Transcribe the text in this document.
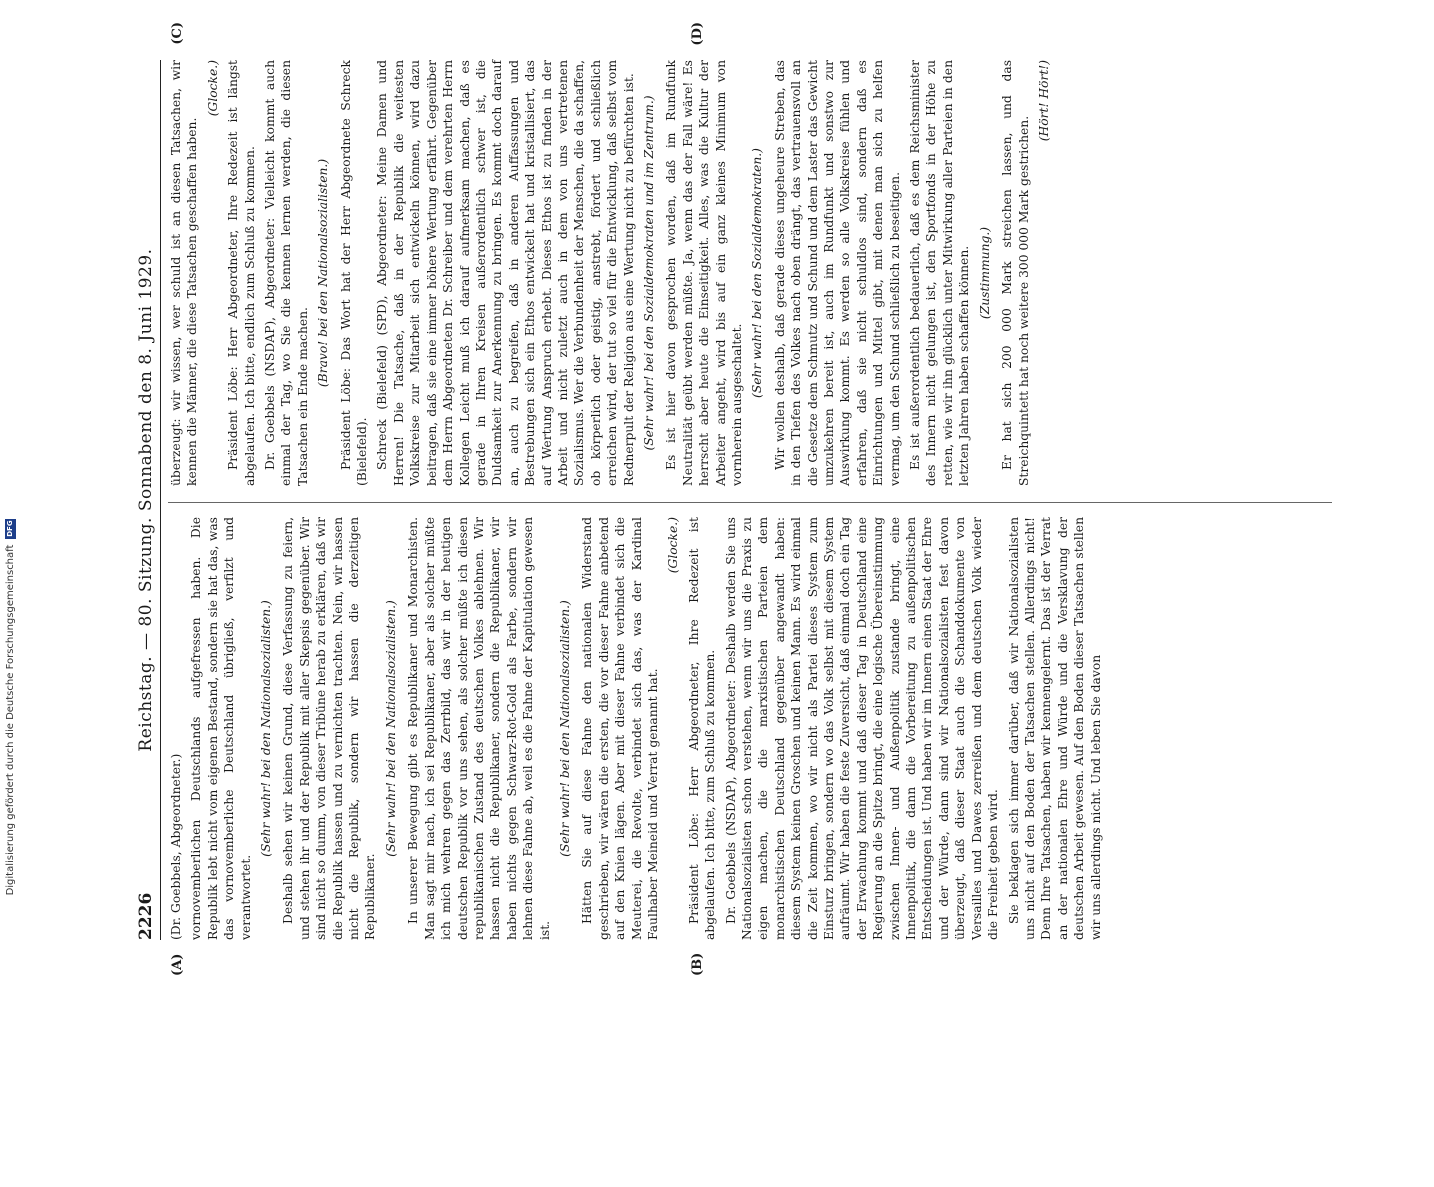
2226
Reichstag. — 80. Sitzung. Sonnabend den 8. Juni 1929.
(A)	(B)
(C)	(D)

(Dr. Goebbels, Abgeordneter.) vornovemberlichen Deutschlands aufgefressen haben. Die Republik lebt nicht vom eigenen Bestand, sondern sie hat das, was das vornovemberliche Deutschland übrigließ, verfilzt und verantwortet.

(Sehr wahr! bei den Nationalsozialisten.) Deshalb sehen wir keinen Grund, diese Verfassung zu feiern, und stehen ihr und der Republik mit aller Skepsis gegenüber. Wir sind nicht so dumm, von dieser Tribüne herab zu erklären, daß wir die Republik hassen und zu vernichten trachten. Nein, wir hassen nicht die Republik, sondern wir hassen die derzeitigen Republikaner.

(Sehr wahr! bei den Nationalsozialisten.) In unserer Bewegung gibt es Republikaner und Monarchisten. Man sagt mir nach, ich sei Republikaner, aber als solcher müßte ich mich wehren gegen das Zerrbild, das wir in der heutigen deutschen Republik vor uns sehen, als solcher müßte ich diesen republikanischen Zustand des deutschen Volkes ablehnen. Wir hassen nicht die Republikaner, sondern die Republikaner, wir haben nichts gegen Schwarz-Rot-Gold als Farbe, sondern wir lehnen diese Fahne ab, weil es die Fahne der Kapitulation gewesen ist.

(Sehr wahr! bei den Nationalsozialisten.) Hätten Sie auf diese Fahne den nationalen Widerstand geschrieben, wir wären die ersten, die vor dieser Fahne anbetend auf den Knien lägen. Aber mit dieser Fahne verbindet sich die Meuterei, die Revolte, verbindet sich das, was der Kardinal Faulhaber Meineid und Verrat genannt hat.

(Glocke.) Präsident Löbe: Herr Abgeordneter, Ihre Redezeit ist abgelaufen. Ich bitte, zum Schluß zu kommen. Dr. Goebbels (NSDAP), Abgeordneter: Deshalb werden Sie uns Nationalsozialisten schon verstehen, wenn wir uns die Praxis zu eigen machen, die die marxistischen Parteien dem monarchistischen Deutschland gegenüber angewandt haben: diesem System keinen Groschen und keinen Mann. Es wird einmal die Zeit kommen, wo wir nicht als Partei dieses System zum Einsturz bringen, sondern wo das Volk selbst mit diesem System aufräumt. Wir haben die feste Zuversicht, daß einmal doch ein Tag der Erwachung kommt und daß dieser Tag in Deutschland eine Regierung an die Spitze bringt, die eine logische Übereinstimmung zwischen Innen- und Außenpolitik zustande bringt, eine Innenpolitik, die dann die Vorbereitung zu außenpolitischen Entscheidungen ist. Und haben wir im Innern einen Staat der Ehre und der Würde, dann sind wir Nationalsozialisten fest davon überzeugt, daß dieser Staat auch die Schanddokumente von Versailles und Dawes zerreißen und dem deutschen Volk wieder die Freiheit geben wird. Sie beklagen sich immer darüber, daß wir Nationalsozialisten uns nicht auf den Boden der Tatsachen stellen. Allerdings nicht! Denn Ihre Tatsachen, haben wir kennengelernt. Das ist der Verrat an der nationalen Ehre und Würde und die Versklavung der deutschen Arbeit gewesen. Auf den Boden dieser Tatsachen stellen wir uns allerdings nicht. Und leben Sie davon

überzeugt: wir wissen, wer schuld ist an diesen Tatsachen, wir kennen die Männer, die diese Tatsachen geschaffen haben.

(Glocke.) Präsident Löbe: Herr Abgeordneter, Ihre Redezeit ist längst abgelaufen. Ich bitte, endlich zum Schluß zu kommen. Dr. Goebbels (NSDAP), Abgeordneter: Vielleicht kommt auch einmal der Tag, wo Sie die kennen lernen werden, die diesen Tatsachen ein Ende machen.

(Bravo! bei den Nationalsozialisten.) Präsident Löbe: Das Wort hat der Herr Abgeordnete Schreck (Bielefeld). Schreck (Bielefeld) (SPD), Abgeordneter: Meine Damen und Herren! Die Tatsache, daß in der Republik die weitesten Volkskreise zur Mitarbeit sich entwickeln können, wird dazu beitragen, daß sie eine immer höhere Wertung erfährt. Gegenüber dem Herrn Abgeordneten Dr. Schreiber und dem verehrten Herrn Kollegen Leicht muß ich darauf aufmerksam machen, daß es gerade in Ihren Kreisen außerordentlich schwer ist, die Duldsamkeit zur Anerkennung zu bringen. Es kommt doch darauf an, auch zu begreifen, daß in anderen Auffassungen und Bestrebungen sich ein Ethos entwickelt hat und kristallisiert, das auf Wertung Anspruch erhebt. Dieses Ethos ist zu finden in der Arbeit und nicht zuletzt auch in dem von uns vertretenen Sozialismus. Wer die Verbundenheit der Menschen, die da schaffen, ob körperlich oder geistig, anstrebt, fördert und schließlich erreichen wird, der tut so viel für die Entwicklung, daß selbst vom Rednerpult der Religion aus eine Wertung nicht zu befürchten ist. (Sehr wahr! bei den Sozialdemokraten und im Zentrum.) Es ist hier davon gesprochen worden, daß im Rundfunk Neutralität geübt werden müßte. Ja, wenn das der Fall wäre! Es herrscht aber heute die Einseitigkeit. Alles, was die Kultur der Arbeiter angeht, wird bis auf ein ganz kleines Minimum von vornherein ausgeschaltet.

(Sehr wahr! bei den Sozialdemokraten.) Wir wollen deshalb, daß gerade dieses ungeheure Streben, das in den Tiefen des Volkes nach oben drängt, das vertrauensvoll an die Gesetze dem Schmutz und Schund und dem Laster das Gewicht umzukehren bereit ist, auch im Rundfunkt und sonstwo zur Auswirkung kommt. Es werden so alle Volkskreise fühlen und erfahren, daß sie nicht schuldlos sind, sondern daß es Einrichtungen und Mittel gibt, mit denen man sich zu helfen vermag, um den Schund schließlich zu beseitigen. Es ist außerordentlich bedauerlich, daß es dem Reichsminister des Innern nicht gelungen ist, den Sportfonds in der Höhe zu retten, wie wir ihn glücklich unter Mitwirkung aller Parteien in den letzten Jahren haben schaffen können. (Zustimmung.) Er hat sich 200 000 Mark streichen lassen, und das Streichquintett hat noch weitere 300 000 Mark gestrichen.

(Hört! Hört!)

Digitalisierung gefördert durch die Deutsche Forschungsgemeinschaft
DFG
